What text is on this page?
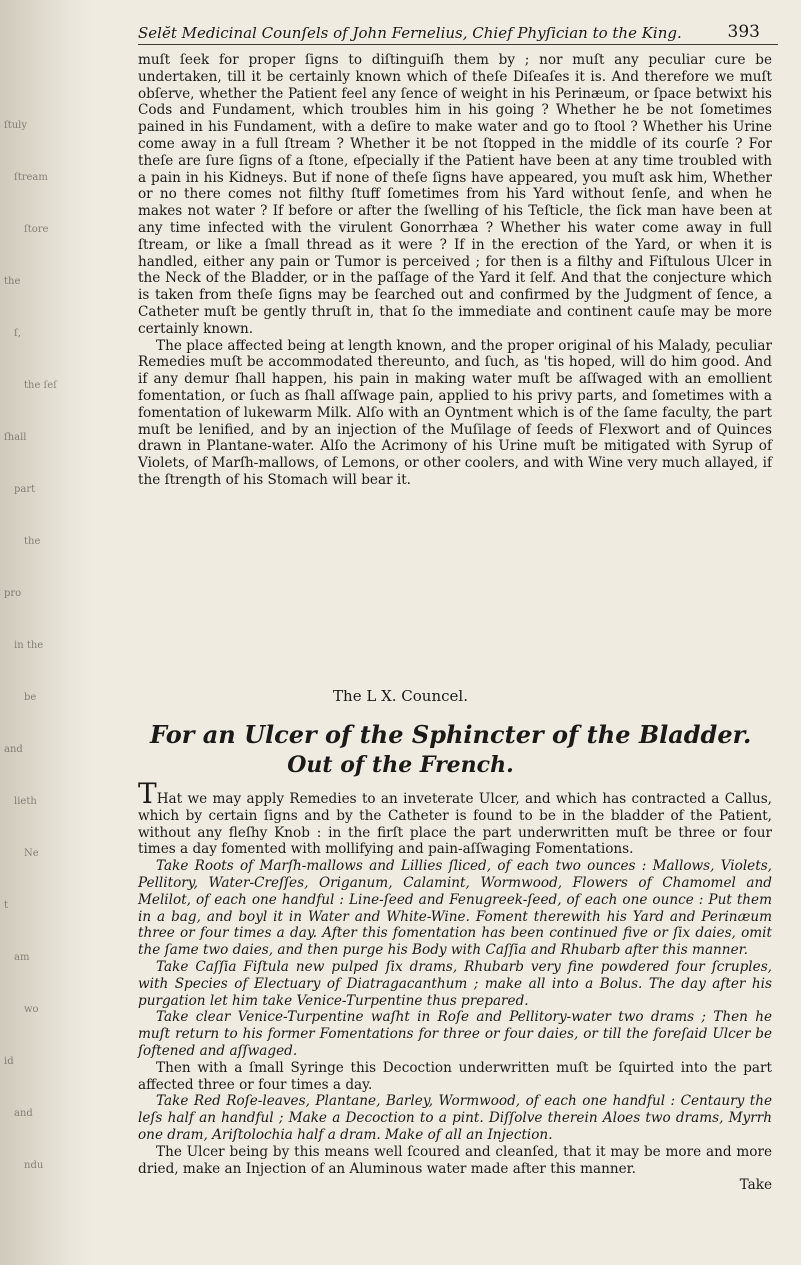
ſtuly
ſtream
ſtore
the
ſ,
the ſeſ
ſhall
part
the
pro
in the
be
and
lieth
Ne
t
am
wo
id
and
ndu
Selĕt Medicinal Counſels of John Fernelius, Chief Phyſician to the King.	393

muſt ſeek for proper ſigns to diſtinguiſh them by ; nor muſt any peculiar cure be undertaken, till it be certainly known which of theſe Diſeaſes it is. And therefore we muſt obſerve, whether the Patient feel any ſence of weight in his Perinæum, or ſpace betwixt his Cods and Fundament, which troubles him in his going ? Whether he be not ſometimes pained in his Fundament, with a deſire to make water and go to ſtool ? Whether his Urine come away in a full ſtream ? Whether it be not ſtopped in the middle of its courſe ? For theſe are ſure ſigns of a ſtone, eſpecially if the Patient have been at any time troubled with a pain in his Kidneys. But if none of theſe ſigns have appeared, you muſt ask him, Whether or no there comes not filthy ſtuff ſometimes from his Yard without ſenſe, and when he makes not water ? If before or after the ſwelling of his Teſticle, the ſick man have been at any time infected with the virulent Gonorrhæa ? Whether his water come away in full ſtream, or like a ſmall thread as it were ? If in the erection of the Yard, or when it is handled, either any pain or Tumor is perceived ; for then is a filthy and Fiſtulous Ulcer in the Neck of the Bladder, or in the paſſage of the Yard it ſelf. And that the conjecture which is taken from theſe ſigns may be ſearched out and confirmed by the Judgment of ſence, a Catheter muſt be gently thruſt in, that ſo the immediate and continent cauſe may be more certainly known.

The place affected being at length known, and the proper original of his Malady, peculiar Remedies muſt be accommodated thereunto, and ſuch, as 'tis hoped, will do him good. And if any demur ſhall happen, his pain in making water muſt be aſſwaged with an emollient fomentation, or ſuch as ſhall aſſwage pain, applied to his privy parts, and ſometimes with a fomentation of lukewarm Milk. Alſo with an Oyntment which is of the ſame faculty, the part muſt be lenified, and by an injection of the Muſilage of ſeeds of Flexwort and of Quinces drawn in Plantane-water. Alſo the Acrimony of his Urine muſt be mitigated with Syrup of Violets, of Marſh-mallows, of Lemons, or other coolers, and with Wine very much allayed, if the ſtrength of his Stomach will bear it.

The L X. Councel.
For an Ulcer of the Sphincter of the Bladder.
Out of the French.

THat we may apply Remedies to an inveterate Ulcer, and which has contracted a Callus, which by certain ſigns and by the Catheter is found to be in the bladder of the Patient, without any fleſhy Knob : in the firſt place the part underwritten muſt be three or four times a day fomented with mollifying and pain-aſſwaging Fomentations.

Take Roots of Marſh-mallows and Lillies ſliced, of each two ounces : Mallows, Violets, Pellitory, Water-Creſſes, Origanum, Calamint, Wormwood, Flowers of Chamomel and Melilot, of each one handful : Line-ſeed and Fenugreek-ſeed, of each one ounce : Put them in a bag, and boyl it in Water and White-Wine. Foment therewith his Yard and Perinæum three or four times a day. After this fomentation has been continued five or ſix daies, omit the ſame two daies, and then purge his Body with Caſſia and Rhubarb after this manner.

Take Caſſia Fiſtula new pulped ſix drams, Rhubarb very fine powdered four ſcruples, with Species of Electuary of Diatragacanthum ; make all into a Bolus. The day after his purgation let him take Venice-Turpentine thus prepared.

Take clear Venice-Turpentine waſht in Roſe and Pellitory-water two drams ; Then he muſt return to his former Fomentations for three or four daies, or till the foreſaid Ulcer be ſoftened and aſſwaged.

Then with a ſmall Syringe this Decoction underwritten muſt be ſquirted into the part affected three or four times a day.

Take Red Roſe-leaves, Plantane, Barley, Wormwood, of each one handful : Centaury the leſs half an handful ; Make a Decoction to a pint. Diſſolve therein Aloes two drams, Myrrh one dram, Ariſtolochia half a dram. Make of all an Injection.

The Ulcer being by this means well ſcoured and cleanſed, that it may be more and more dried, make an Injection of an Aluminous water made after this manner.

Take
